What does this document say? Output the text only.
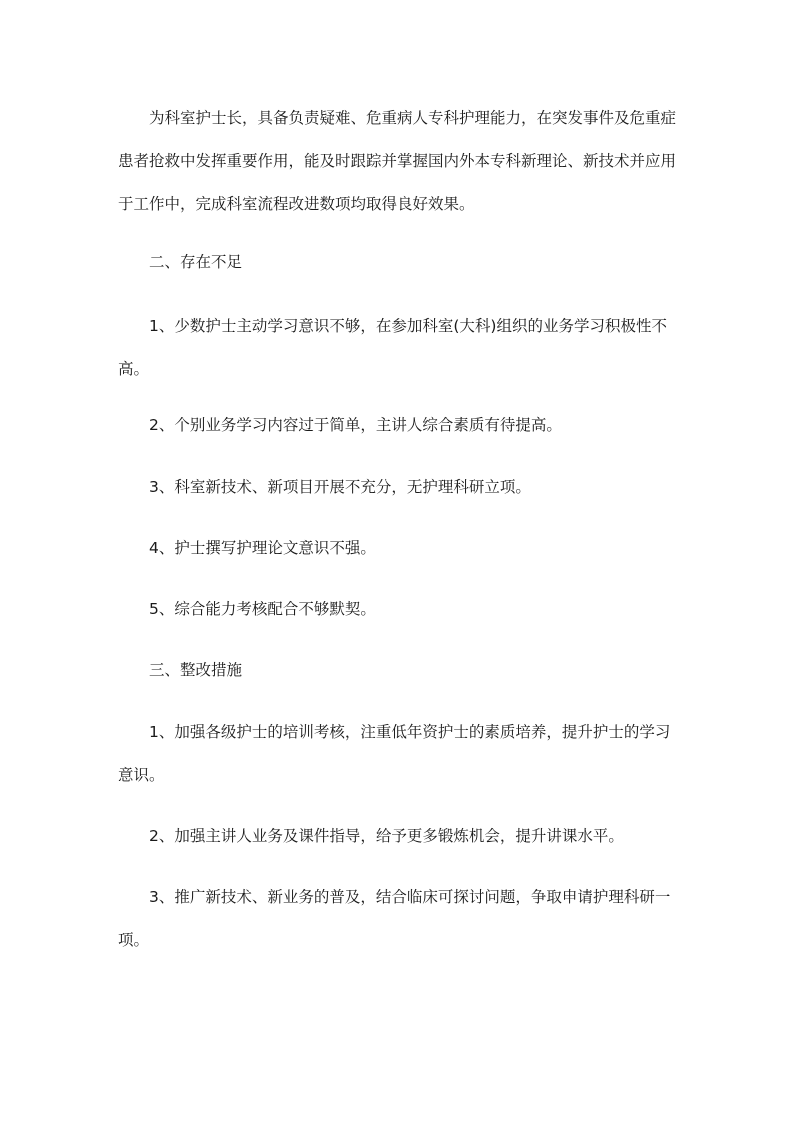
为科室护士长，具备负责疑难、危重病人专科护理能力，在突发事件及危重症患者抢救中发挥重要作用，能及时跟踪并掌握国内外本专科新理论、新技术并应用于工作中，完成科室流程改进数项均取得良好效果。

二、存在不足

1、少数护士主动学习意识不够，在参加科室(大科)组织的业务学习积极性不高。

2、个别业务学习内容过于简单，主讲人综合素质有待提高。

3、科室新技术、新项目开展不充分，无护理科研立项。

4、护士撰写护理论文意识不强。

5、综合能力考核配合不够默契。

三、整改措施

1、加强各级护士的培训考核，注重低年资护士的素质培养，提升护士的学习意识。

2、加强主讲人业务及课件指导，给予更多锻炼机会，提升讲课水平。

3、推广新技术、新业务的普及，结合临床可探讨问题，争取申请护理科研一项。
